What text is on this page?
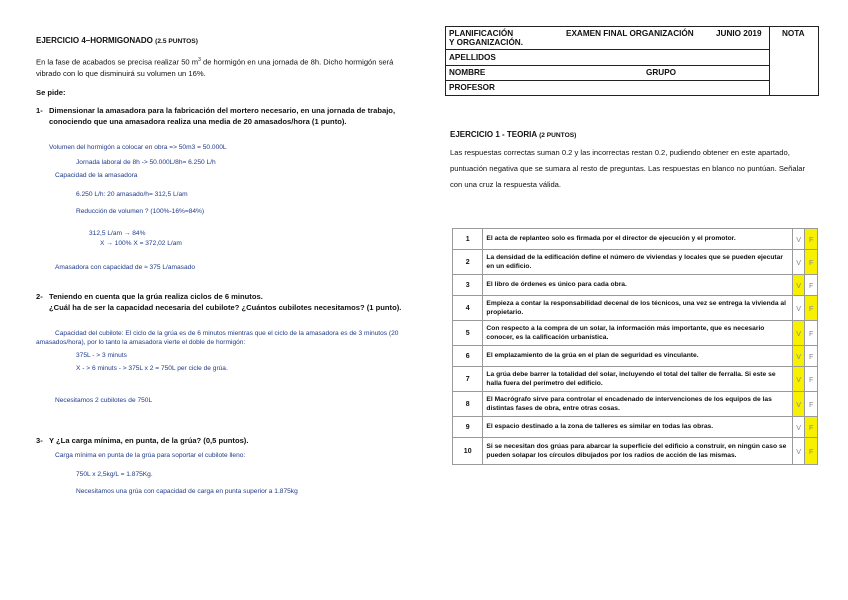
EJERCICIO 4–HORMIGONADO (2.5 PUNTOS)
En la fase de acabados se precisa realizar 50 $m^3$ de hormigón en una jornada de 8h. Dicho hormigón será
vibrado con lo que disminuirá su volumen un 16%.
Se pide:
1- Dimensionar la amasadora para la fabricación del mortero necesario, en una jornada de trabajo,
conociendo que una amasadora realiza una media de 20 amasados/hora (1 punto).
Volumen del hormigón a colocar en obra => 50m3 = 50.000L
Jornada laboral de 8h -> 50.000L/8h= 6.250 L/h
Capacidad de la amasadora
6.250 L/h: 20 amasado/h= 312,5 L/am
Reducción de volumen ? (100%-16%=84%)
312,5 L/am → 84%
X → 100% X = 372,02 L/am
Amasadora con capacidad de ≈ 375 L/amasado
2- Teniendo en cuenta que la grúa realiza ciclos de 6 minutos.
¿Cuál ha de ser la capacidad necesaria del cubilote? ¿Cuántos cubilotes necesitamos? (1 punto).
Capacidad del cubilote: El ciclo de la grúa es de 6 minutos mientras que el ciclo de la amasadora es de 3 minutos (20
amasados/hora), por lo tanto la amasadora vierte el doble de hormigón:
375L - > 3 minuts
X - > 6 minuts - > 375L x 2 = 750L per cicle de grúa.
Necesitamos 2 cubilotes de 750L
3- Y ¿La carga mínima, en punta, de la grúa? (0,5 puntos).
Carga mínima en punta de la grúa para soportar el cubilote lleno:
750L x 2,5kg/L = 1.875Kg.
Necesitamos una grúa con capacidad de carga en punta superior a 1.875kg
PLANIFICACIÓN
Y ORGANIZACIÓN.
EXAMEN FINAL ORGANIZACIÓN	JUNIO 2019 NOTA
APELLIDOS
NOMBRE	GRUPO
PROFESOR
EJERCICIO 1 - TEORIA (2 PUNTOS)
Las respuestas correctas suman 0.2 y las incorrectas restan 0.2, pudiendo obtener en este apartado,
puntuación negativa que se sumara al resto de preguntas. Las respuestas en blanco no puntúan. Señalar
con una cruz la respuesta válida.
1	El acta de replanteo solo es firmada por el director de ejecución y el promotor.	V	F
2	La densidad de la edificación define el número de viviendas y locales que se pueden ejecutar en un edificio.	V	F
3	El libro de órdenes es único para cada obra.	V	F
4	Empieza a contar la responsabilidad decenal de los técnicos, una vez se entrega la vivienda al propietario.	V	F
5	Con respecto a la compra de un solar, la información más importante, que es necesario conocer, es la calificación urbanística.	V	F
6	El emplazamiento de la grúa en el plan de seguridad es vinculante.	V	F
7	La grúa debe barrer la totalidad del solar, incluyendo el total del taller de ferralla. Si este se halla fuera del perímetro del edificio.	V	F
8	El Macrógrafo sirve para controlar el encadenado de intervenciones de los equipos de las distintas fases de obra, entre otras cosas.	V	F
9	El espacio destinado a la zona de talleres es similar en todas las obras.	V	F
10	Si se necesitan dos grúas para abarcar la superficie del edificio a construir, en ningún caso se pueden solapar los círculos dibujados por los radios de acción de las mismas.	V	F
